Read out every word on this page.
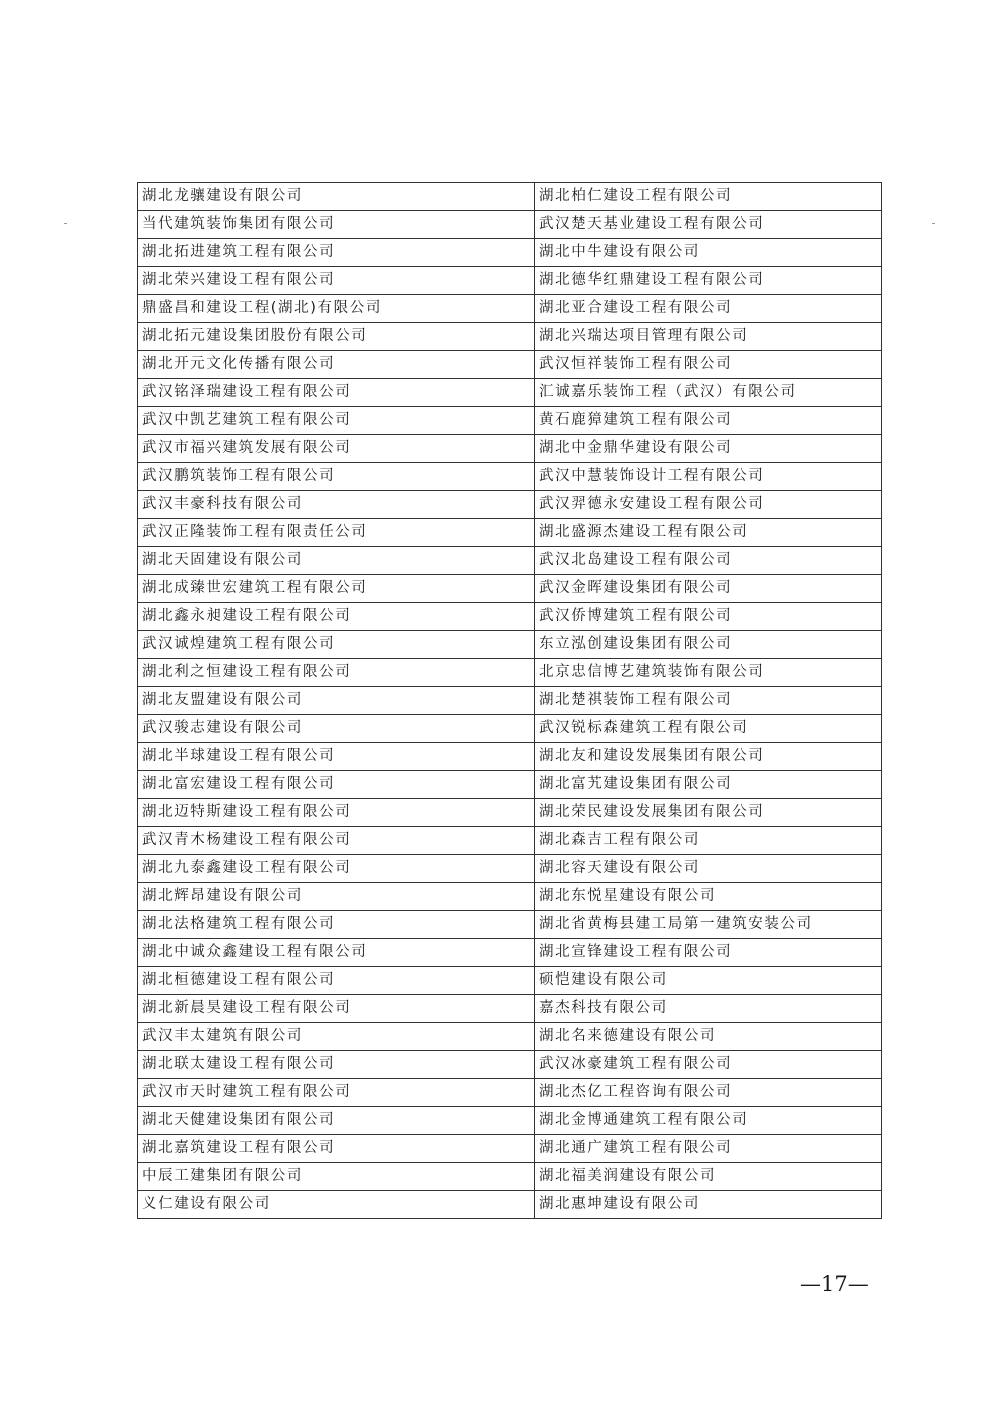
湖北龙骧建设有限公司	湖北柏仁建设工程有限公司
当代建筑装饰集团有限公司	武汉楚天基业建设工程有限公司
湖北拓进建筑工程有限公司	湖北中牛建设有限公司
湖北荣兴建设工程有限公司	湖北德华红鼎建设工程有限公司
鼎盛昌和建设工程(湖北)有限公司	湖北亚合建设工程有限公司
湖北拓元建设集团股份有限公司	湖北兴瑞达项目管理有限公司
湖北开元文化传播有限公司	武汉恒祥装饰工程有限公司
武汉铭泽瑞建设工程有限公司	汇诚嘉乐装饰工程（武汉）有限公司
武汉中凯艺建筑工程有限公司	黄石鹿獐建筑工程有限公司
武汉市福兴建筑发展有限公司	湖北中金鼎华建设有限公司
武汉鹏筑装饰工程有限公司	武汉中慧装饰设计工程有限公司
武汉丰豪科技有限公司	武汉羿德永安建设工程有限公司
武汉正隆装饰工程有限责任公司	湖北盛源杰建设工程有限公司
湖北天固建设有限公司	武汉北岛建设工程有限公司
湖北成臻世宏建筑工程有限公司	武汉金晖建设集团有限公司
湖北鑫永昶建设工程有限公司	武汉侨博建筑工程有限公司
武汉诚煌建筑工程有限公司	东立泓创建设集团有限公司
湖北利之恒建设工程有限公司	北京忠信博艺建筑装饰有限公司
湖北友盟建设有限公司	湖北楚祺装饰工程有限公司
武汉骏志建设有限公司	武汉锐标森建筑工程有限公司
湖北半球建设工程有限公司	湖北友和建设发展集团有限公司
湖北富宏建设工程有限公司	湖北富艽建设集团有限公司
湖北迈特斯建设工程有限公司	湖北荣民建设发展集团有限公司
武汉青木杨建设工程有限公司	湖北森吉工程有限公司
湖北九泰鑫建设工程有限公司	湖北容天建设有限公司
湖北辉昂建设有限公司	湖北东悦星建设有限公司
湖北法格建筑工程有限公司	湖北省黄梅县建工局第一建筑安装公司
湖北中诚众鑫建设工程有限公司	湖北宣锋建设工程有限公司
湖北桓德建设工程有限公司	硕恺建设有限公司
湖北新晨昊建设工程有限公司	嘉杰科技有限公司
武汉丰太建筑有限公司	湖北名来德建设有限公司
湖北联太建设工程有限公司	武汉冰豪建筑工程有限公司
武汉市天时建筑工程有限公司	湖北杰亿工程咨询有限公司
湖北天健建设集团有限公司	湖北金博通建筑工程有限公司
湖北嘉筑建设工程有限公司	湖北通广建筑工程有限公司
中辰工建集团有限公司	湖北福美润建设有限公司
义仁建设有限公司	湖北惠坤建设有限公司
—17—
